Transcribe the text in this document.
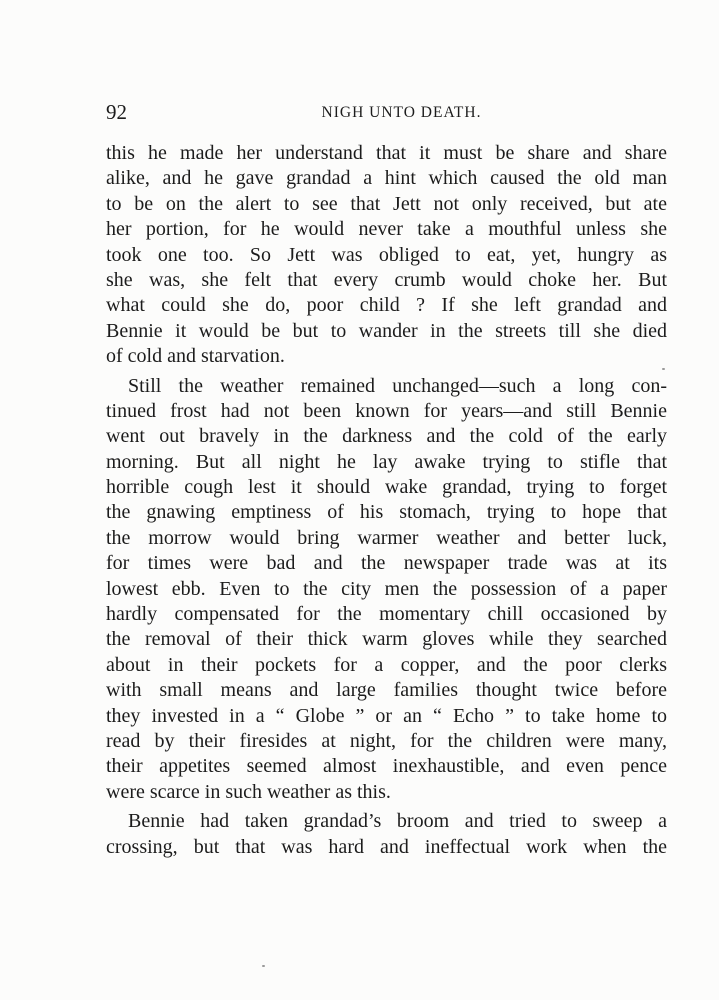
92	NIGH UNTO DEATH.

this he made her understand that it must be share and share
alike, and he gave grandad a hint which caused the old man
to be on the alert to see that Jett not only received, but ate
her portion, for he would never take a mouthful unless she
took one too. So Jett was obliged to eat, yet, hungry as
she was, she felt that every crumb would choke her. But
what could she do, poor child ? If she left grandad and
Bennie it would be but to wander in the streets till she died
of cold and starvation.

Still the weather remained unchanged—such a long con-
tinued frost had not been known for years—and still Bennie
went out bravely in the darkness and the cold of the early
morning. But all night he lay awake trying to stifle that
horrible cough lest it should wake grandad, trying to forget
the gnawing emptiness of his stomach, trying to hope that
the morrow would bring warmer weather and better luck,
for times were bad and the newspaper trade was at its
lowest ebb. Even to the city men the possession of a paper
hardly compensated for the momentary chill occasioned by
the removal of their thick warm gloves while they searched
about in their pockets for a copper, and the poor clerks
with small means and large families thought twice before
they invested in a “ Globe ” or an “ Echo ” to take home to
read by their firesides at night, for the children were many,
their appetites seemed almost inexhaustible, and even pence
were scarce in such weather as this.

Bennie had taken grandad’s broom and tried to sweep a
crossing, but that was hard and ineffectual work when the
